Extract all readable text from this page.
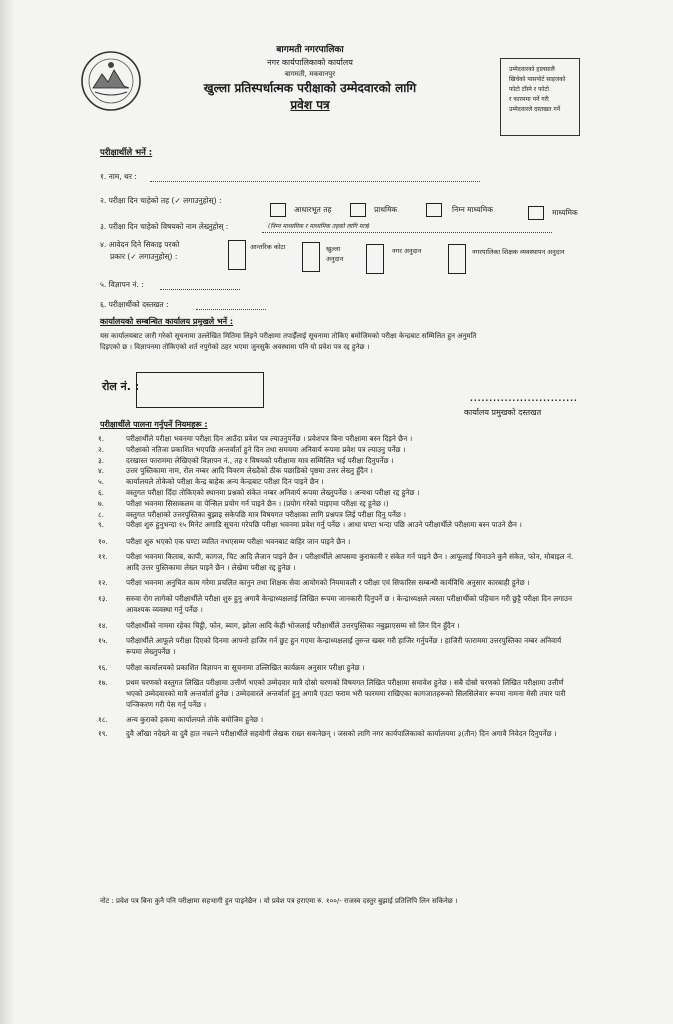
बागमती नगरपालिका
नगर कार्यपालिकाको कार्यालय
बागमती, मकवानपुर
खुल्ला प्रतिस्पर्धात्मक परीक्षाको उम्मेदवारको लागि
प्रवेश पत्र
उम्मेदवारको हालसालै
खिचेको पासपोर्ट साइजको
फोटो टाँस्ने र फोटो
र फारममा पर्ने गरी
उम्मेदवारले दस्तखत गर्ने
परीक्षार्थीले भर्ने :
१. नाम, थर :
२. परीक्षा दिन चाहेको तह (✓ लगाउनुहोस्) :
आधारभूत तह	प्राथमिक	निम्न माध्यमिक	माध्यमिक
३. परीक्षा दिन चाहेको विषयको नाम लेख्नुहोस् :	(निम्न माध्यमिक र माध्यमिक तहको लागि मात्र)
४. आवेदन दिने सिकाइ परको
प्रकार (✓ लगाउनुहोस्) :
आन्तरिक कोटा	खुल्ला अनुदान
नगर अनुदान	नगरपालिका शिक्षक व्यवस्थापन अनुदान
५. विज्ञापन नं. :
६. परीक्षार्थीको दस्तखत :
कार्यालयको सम्बन्धित कार्यालय प्रमुखले भर्ने :
यस कार्यालयबाट जारी गरेको सूचनामा उल्लेखित मितिमा लिइने परीक्षामा तपाईँलाई सूचनामा तोकिए बमोजिमको परीक्षा केन्द्रबाट सम्मिलित हुन अनुमति
दिइएको छ । विज्ञापनमा तोकिएको शर्त नपुगेको ठहर भएमा जुनसुकै अवस्थामा पनि यो प्रवेश पत्र रद्द हुनेछ ।
रोल नं. :
............................
कार्यालय प्रमुखको दस्तखत
परीक्षार्थीले पालना गर्नुपर्ने नियमहरू :
१.	परीक्षार्थीले परीक्षा भवनमा परीक्षा दिन आउँदा प्रवेश पत्र ल्याउनुपर्नेछ । प्रवेशपत्र बिना परीक्षामा बस्न दिइने छैन ।
२.	परीक्षाको नतिजा प्रकाशित भएपछि अन्तर्वार्ता हुने दिन तथा समयमा अनिवार्य रूपमा प्रवेश पत्र ल्याउनु पर्नेछ ।
३.	दरखास्त फाराममा लेखिएको विज्ञापन नं., तह र विषयको परीक्षामा मात्र सम्मिलित भई परीक्षा दिनुपर्नेछ ।
४.	उत्तर पुस्तिकामा नाम, रोल नम्बर आदि विवरण लेख्दैको ठीक पछाडिको पृष्ठमा उत्तर लेख्नु हुँदैन ।
५.	कार्यालयले तोकेको परीक्षा केन्द्र बाहेक अन्य केन्द्रबाट परीक्षा दिन पाइने छैन ।
६.	वस्तुगत परीक्षा दिँदा तोकिएको स्थानमा प्रश्नको संकेत नम्बर अनिवार्य रूपमा लेख्नुपर्नेछ । अन्यथा परीक्षा रद्द हुनेछ ।
७.	परीक्षा भवनमा सिसाकलम वा पेन्सिल प्रयोग गर्न पाइने छैन । (प्रयोग गरेको पाइएमा परीक्षा रद्द हुनेछ ।)
८.	वस्तुगत परीक्षाको उत्तरपुस्तिका बुझाइ सकेपछि मात्र विषयगत परीक्षाका लागि प्रश्नपत्र लिई परीक्षा दिनु पर्नेछ ।
९.	परीक्षा शुरु हुनुभन्दा १५ मिनेट अगाडि सूचना गरेपछि परीक्षा भवनमा प्रवेश गर्नु पर्नेछ । आधा घण्टा भन्दा पछि आउने परीक्षार्थीले परीक्षामा बस्न पाउने छैन ।
१०.	परीक्षा शुरु भएको एक घण्टा व्यतित नभएसम्म परीक्षा भवनबाट बाहिर जान पाइने छैन ।
११.	परीक्षा भवनमा किताब, कापी, कागज, चिट आदि लैजान पाइने छैन । परीक्षार्थीले आपसमा कुराकानी र संकेत गर्न पाइने छैन । आफूलाई चिनाउने कुनै संकेत, फोन, मोबाइल नं. आदि उत्तर पुस्तिकामा लेख्न पाइने छैन । लेखेमा परीक्षा रद्द हुनेछ ।
१२.	परीक्षा भवनमा अनुचित काम गरेमा प्रचलित कानुन तथा शिक्षक सेवा आयोगको नियमावली र परीक्षा एवं सिफारिस सम्बन्धी कार्यविधि अनुसार कारबाही हुनेछ ।
१३.	सरुवा रोग लागेको परीक्षार्थीले परीक्षा शुरु हुनु अगावै केन्द्राध्यक्षलाई लिखित रूपमा जानकारी दिनुपर्ने छ । केन्द्राध्यक्षले त्यस्ता परीक्षार्थीको पहिचान गरी छुट्टै परीक्षा दिन लगाउन आवश्यक व्यवस्था गर्नु पर्नेछ ।
१४.	परीक्षार्थीको नाममा रहेका चिट्ठी, फोन, ब्याग, झोला आदि केही भोजलाई परीक्षार्थीले उत्तरपुस्तिका नबुझाएसम्म सो लिन दिन हुँदैन ।
१५.	परीक्षार्थीले आफूले परीक्षा दिएको दिनमा आफ्नो हाजिर गर्न छुट हुन गएमा केन्द्राध्यक्षलाई तुरुन्त खबर गरी हाजिर गर्नुपर्नेछ । हाजिरी फाराममा उत्तरपुस्तिका नम्बर अनिवार्य रूपमा लेख्नुपर्नेछ ।
१६.	परीक्षा कार्यालयको प्रकाशित विज्ञापन वा सूचनामा उल्लिखित कार्यक्रम अनुसार परीक्षा हुनेछ ।
१७.	प्रथम चरणको वस्तुगत लिखित परीक्षामा उत्तीर्ण भएको उम्मेदवार मात्रै दोस्रो चरणको विषयगत लिखित परीक्षामा समावेश हुनेछ । सबै दोस्रो चरणको लिखित परीक्षामा उत्तीर्ण भएको उम्मेदवारको मात्रै अन्तर्वार्ता हुनेछ । उम्मेदवारले अन्तर्वार्ता हुनु अगावै एउटा फराम भरी फारममा राखिएका कागजातहरूको सिलसिलेवार रूपमा नामना मेसी तयार पारी पन्जिकरण गरी पेस गर्नु पर्नेछ ।
१८.	अन्य कुराको हकमा कार्यालयले तोके बमोजिम हुनेछ ।
१९.	दुवै आँखा नदेख्ने वा दुवै हात नचल्ने परीक्षार्थीले सहयोगी लेखक राख्न सकनेछन् । जसको लागि नगर कार्यपालिकाको कार्यालयमा ३(तीन) दिन अगावै निवेदन दिनुपर्नेछ ।
नोट : प्रवेश पत्र बिना कुनै पनि परीक्षामा सहभागी हुन पाइनेछैन । यो प्रवेश पत्र हराएमा रु. १००/- राजस्व दस्तुर बुझाई प्रतिलिपि लिन सकिनेछ ।
